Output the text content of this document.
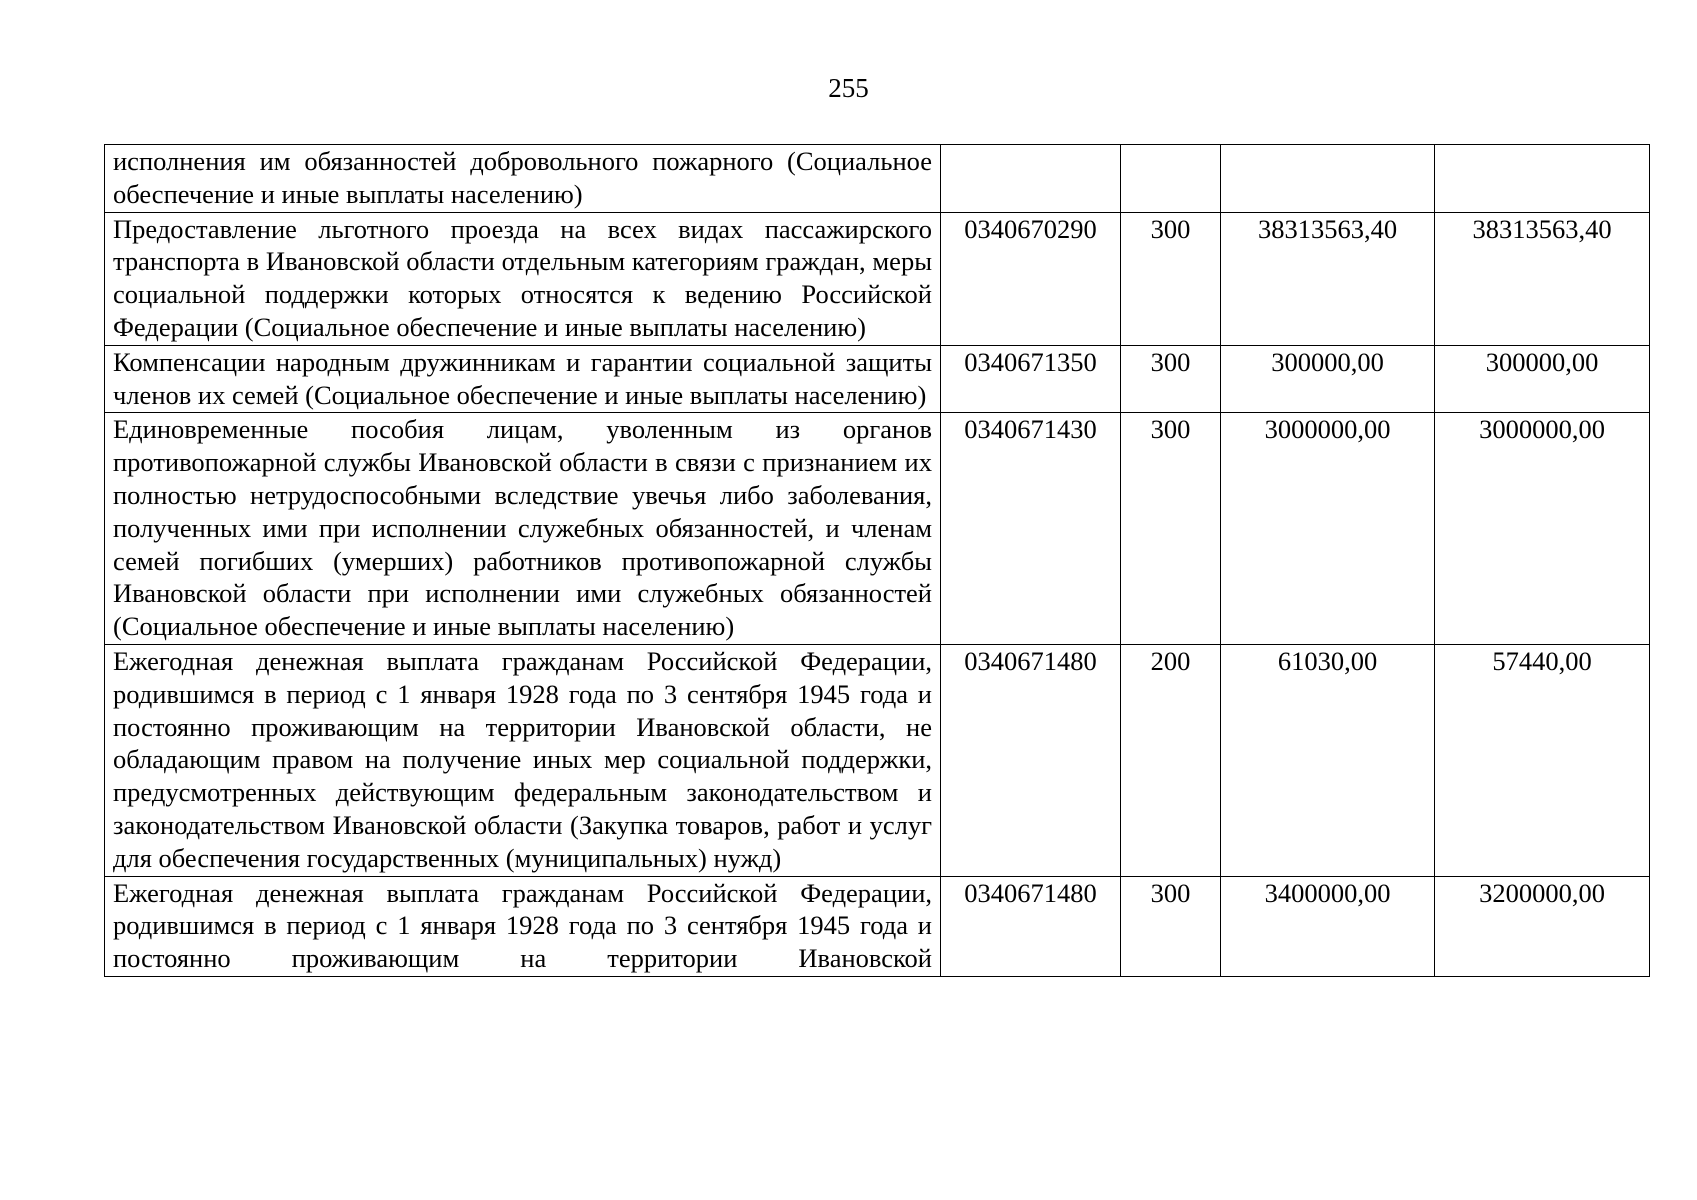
255
исполнения им обязанностей добровольного пожарного (Социальное обеспечение и иные выплаты населению)				
Предоставление льготного проезда на всех видах пассажирского транспорта в Ивановской области отдельным категориям граждан, меры социальной поддержки которых относятся к ведению Российской Федерации (Социальное обеспечение и иные выплаты населению)	0340670290	300	38313563,40	38313563,40
Компенсации народным дружинникам и гарантии социальной защиты членов их семей (Социальное обеспечение и иные выплаты населению)	0340671350	300	300000,00	300000,00
Единовременные пособия лицам, уволенным из органов противопожарной службы Ивановской области в связи с признанием их полностью нетрудоспособными вследствие увечья либо заболевания, полученных ими при исполнении служебных обязанностей, и членам семей погибших (умерших) работников противопожарной службы Ивановской области при исполнении ими служебных обязанностей (Социальное обеспечение и иные выплаты населению)	0340671430	300	3000000,00	3000000,00
Ежегодная денежная выплата гражданам Российской Федерации, родившимся в период с 1 января 1928 года по 3 сентября 1945 года и постоянно проживающим на территории Ивановской области, не обладающим правом на получение иных мер социальной поддержки, предусмотренных действующим федеральным законодательством и законодательством Ивановской области (Закупка товаров, работ и услуг для обеспечения государственных (муниципальных) нужд)	0340671480	200	61030,00	57440,00
Ежегодная денежная выплата гражданам Российской Федерации, родившимся в период с 1 января 1928 года по 3 сентября 1945 года и постоянно проживающим на территории Ивановской	0340671480	300	3400000,00	3200000,00
